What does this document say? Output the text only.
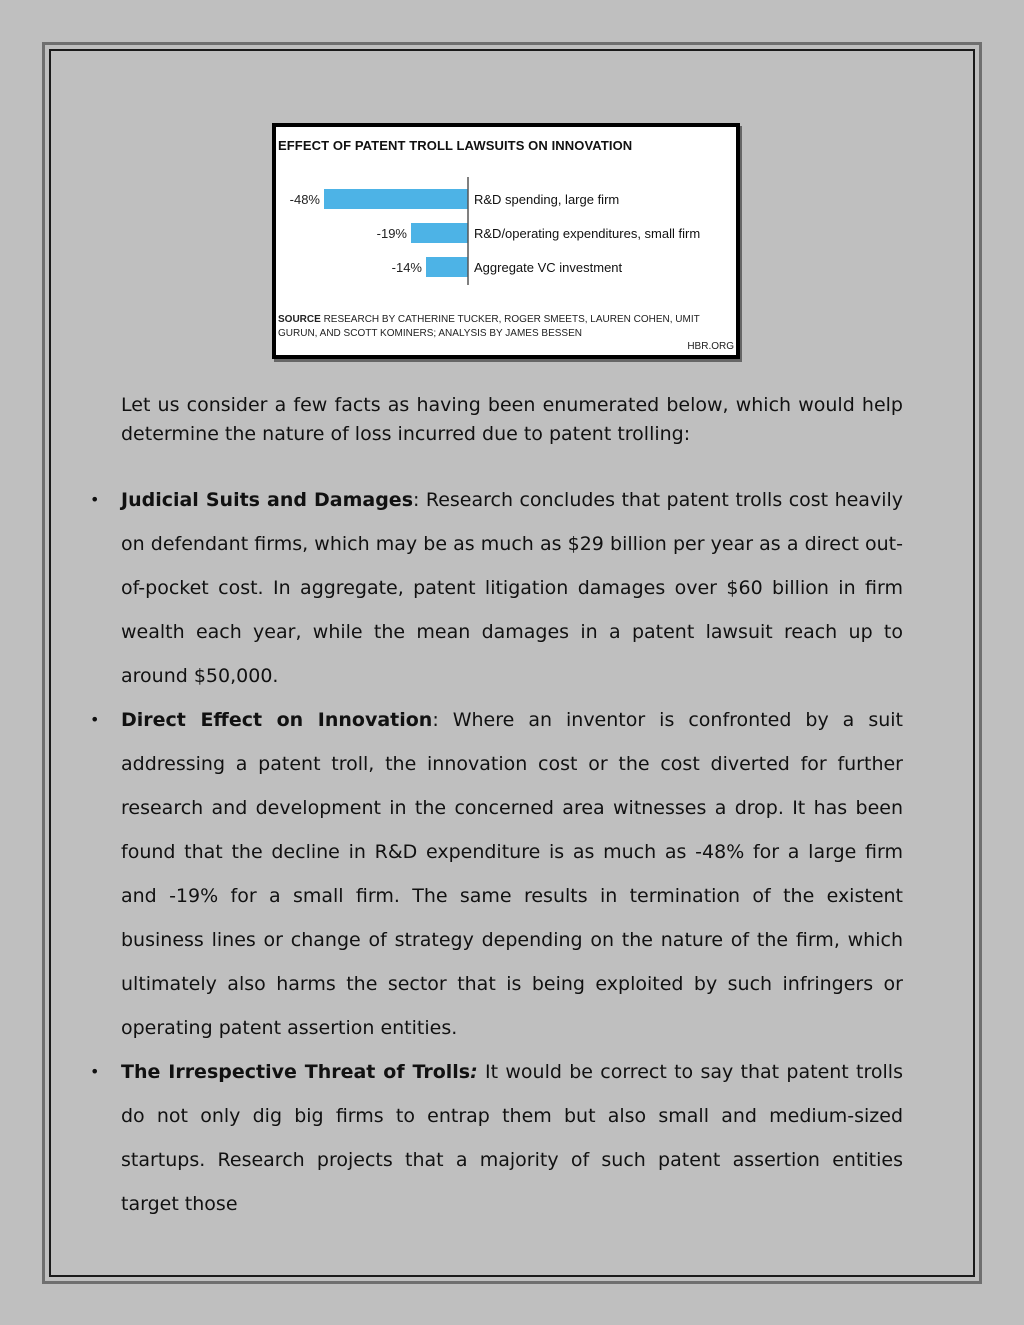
-48%	R&D spending, large firm
-19%	R&D/operating expenditures, small firm
-14%	Aggregate VC investment
EFFECT OF PATENT TROLL LAWSUITS ON INNOVATION
SOURCE RESEARCH BY CATHERINE TUCKER, ROGER SMEETS, LAUREN COHEN, UMIT GURUN, AND SCOTT KOMINERS; ANALYSIS BY JAMES BESSEN
HBR.ORG

Let us consider a few facts as having been enumerated below, which would help determine the nature of loss incurred due to patent trolling:

• Judicial Suits and Damages: Research concludes that patent trolls cost heavily on defendant firms, which may be as much as $29 billion per year as a direct out-of-pocket cost. In aggregate, patent litigation damages over $60 billion in firm wealth each year, while the mean damages in a patent lawsuit reach up to around $50,000.
• Direct Effect on Innovation: Where an inventor is confronted by a suit addressing a patent troll, the innovation cost or the cost diverted for further research and development in the concerned area witnesses a drop. It has been found that the decline in R&D expenditure is as much as -48% for a large firm and -19% for a small firm. The same results in termination of the existent business lines or change of strategy depending on the nature of the firm, which ultimately also harms the sector that is being exploited by such infringers or operating patent assertion entities.
• The Irrespective Threat of Trolls: It would be correct to say that patent trolls do not only dig big firms to entrap them but also small and medium-sized startups. Research projects that a majority of such patent assertion entities target those
